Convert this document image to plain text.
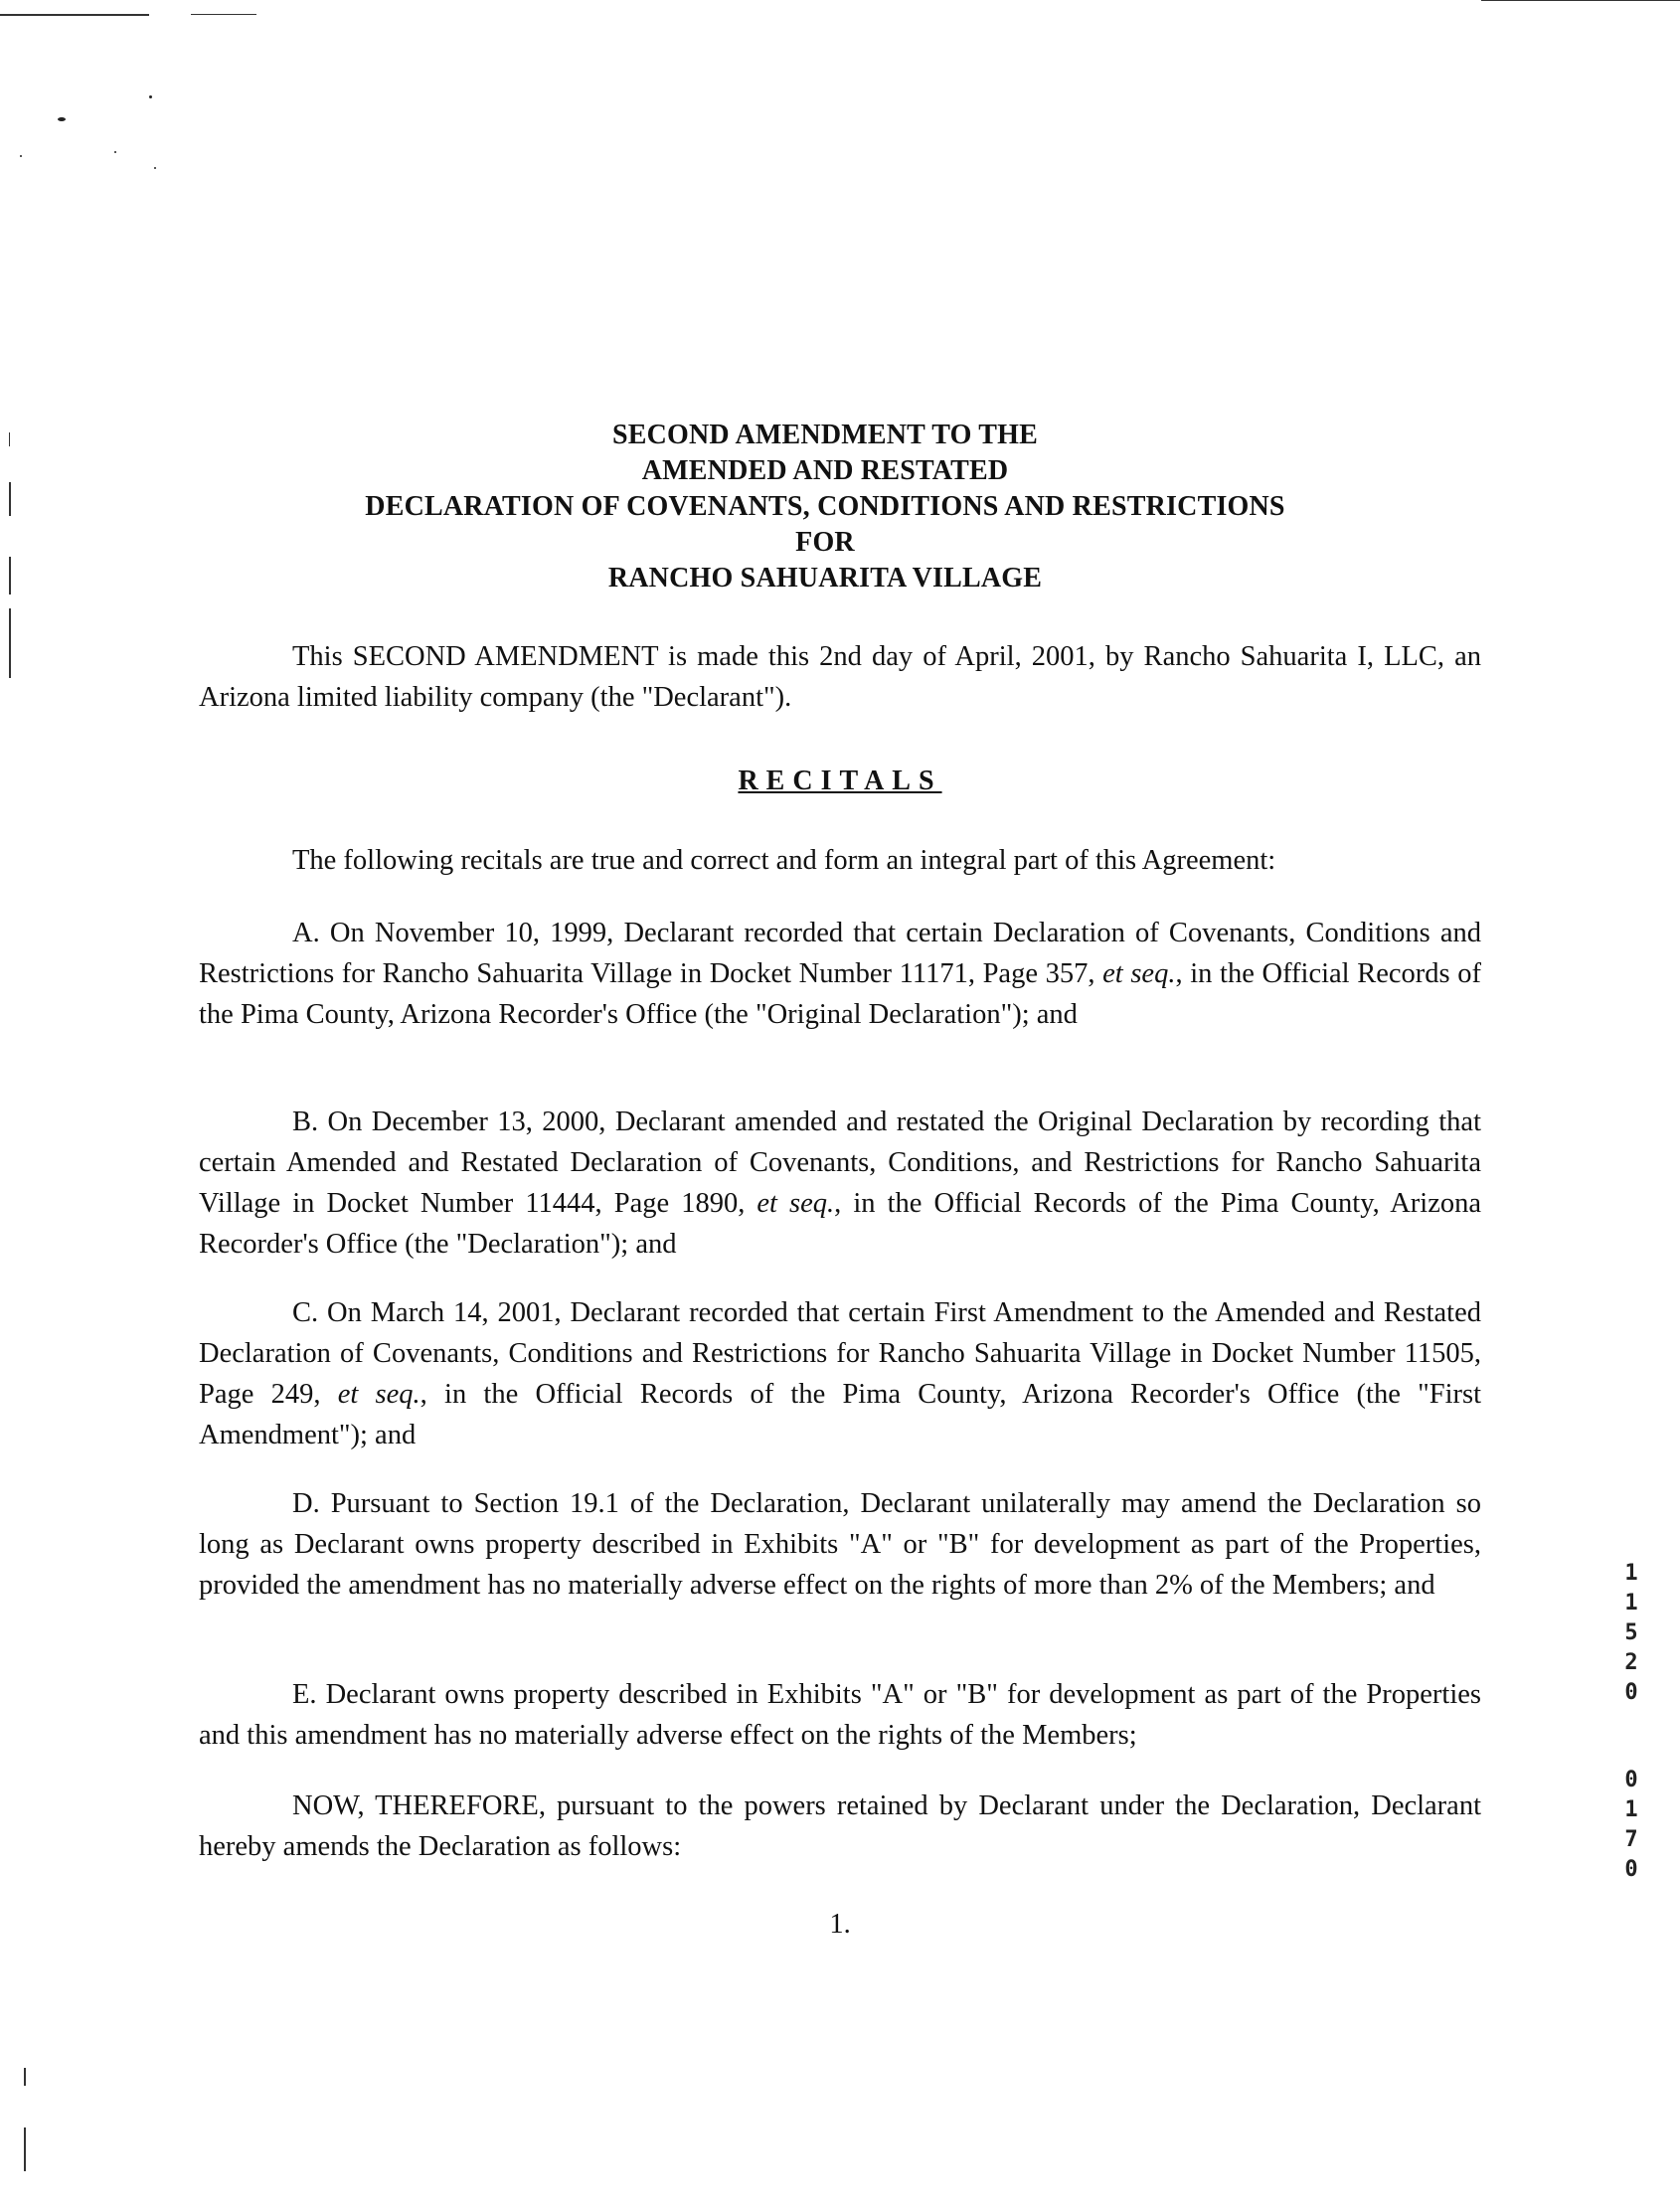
SECOND AMENDMENT TO THE
AMENDED AND RESTATED
DECLARATION OF COVENANTS, CONDITIONS AND RESTRICTIONS
FOR
RANCHO SAHUARITA VILLAGE

This SECOND AMENDMENT is made this 2nd day of April, 2001, by Rancho Sahuarita I, LLC, an Arizona limited liability company (the "Declarant").

RECITALS
The following recitals are true and correct and form an integral part of this Agreement:

A. On November 10, 1999, Declarant recorded that certain Declaration of Covenants, Conditions and Restrictions for Rancho Sahuarita Village in Docket Number 11171, Page 357, et seq., in the Official Records of the Pima County, Arizona Recorder's Office (the "Original Declaration"); and

B. On December 13, 2000, Declarant amended and restated the Original Declaration by recording that certain Amended and Restated Declaration of Covenants, Conditions, and Restrictions for Rancho Sahuarita Village in Docket Number 11444, Page 1890, et seq., in the Official Records of the Pima County, Arizona Recorder's Office (the "Declaration"); and

C. On March 14, 2001, Declarant recorded that certain First Amendment to the Amended and Restated Declaration of Covenants, Conditions and Restrictions for Rancho Sahuarita Village in Docket Number 11505, Page 249, et seq., in the Official Records of the Pima County, Arizona Recorder's Office (the "First Amendment"); and

D. Pursuant to Section 19.1 of the Declaration, Declarant unilaterally may amend the Declaration so long as Declarant owns property described in Exhibits "A" or "B" for development as part of the Properties, provided the amendment has no materially adverse effect on the rights of more than 2% of the Members; and

E. Declarant owns property described in Exhibits "A" or "B" for development as part of the Properties and this amendment has no materially adverse effect on the rights of the Members;

NOW, THEREFORE, pursuant to the powers retained by Declarant under the Declaration, Declarant hereby amends the Declaration as follows:

1.
1
1
5
2
0
0
1
7
0
